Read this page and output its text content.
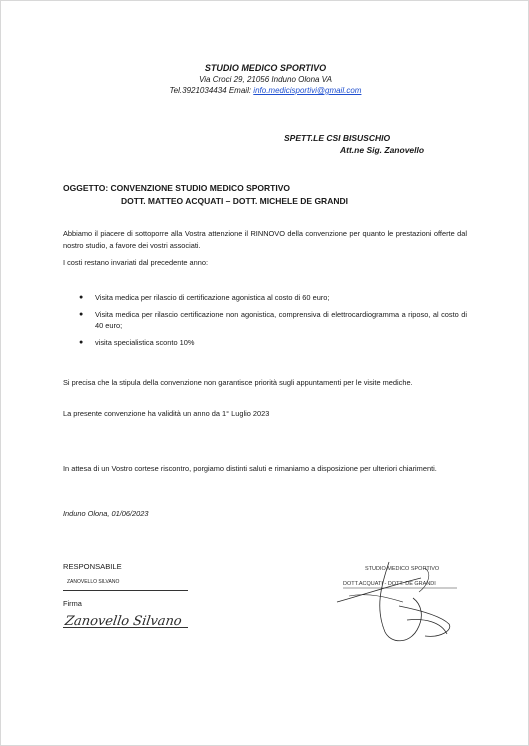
STUDIO MEDICO SPORTIVO
Via Croci 29, 21056 Induno Olona VA
Tel.3921034434 Email: info.medicisportivi@gmail.com
SPETT.LE CSI BISUSCHIO
Att.ne Sig. Zanovello
OGGETTO: CONVENZIONE STUDIO MEDICO SPORTIVO
DOTT. MATTEO ACQUATI – DOTT. MICHELE DE GRANDI
Abbiamo il piacere di sottoporre alla Vostra attenzione il RINNOVO della convenzione per quanto le prestazioni offerte dal nostro studio, a favore dei vostri associati.
I costi restano invariati dal precedente anno:
● Visita medica per rilascio di certificazione agonistica al costo di 60 euro;
● Visita medica per rilascio certificazione non agonistica, comprensiva di elettrocardiogramma a riposo, al costo di 40 euro;
● visita specialistica sconto 10%
Si precisa che la stipula della convenzione non garantisce priorità sugli appuntamenti per le visite mediche.
La presente convenzione ha validità un anno da 1° Luglio 2023
In attesa di un Vostro cortese riscontro, porgiamo distinti saluti e rimaniamo a disposizione per ulteriori chiarimenti.
Induno Olona, 01/06/2023
RESPONSABILE
ZANOVELLO SILVANO
Firma
Zanovello Silvano
STUDIO MEDICO SPORTIVO
DOTT.ACQUATI - DOTT. DE GRANDI
